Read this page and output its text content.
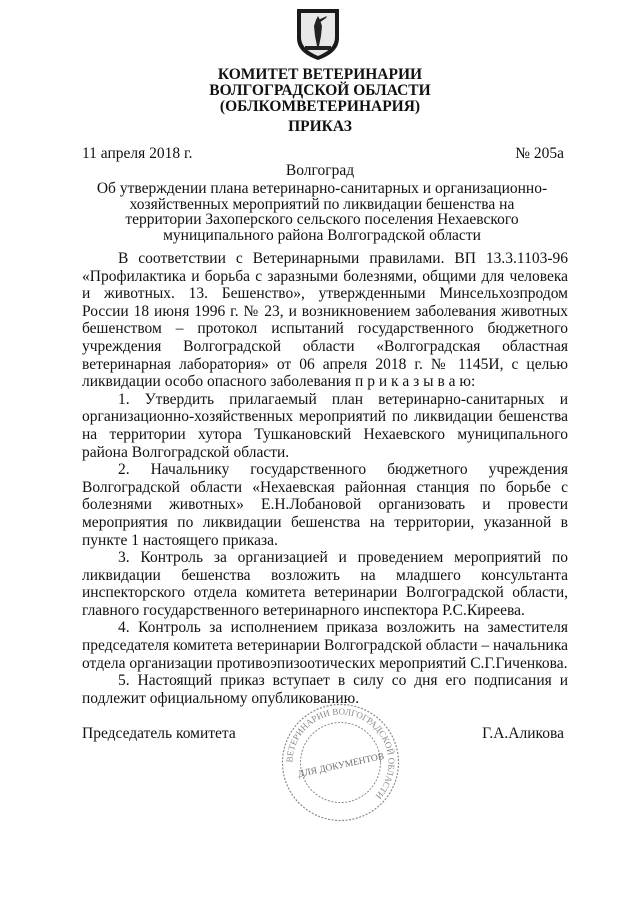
КОМИТЕТ ВЕТЕРИНАРИИ
ВОЛГОГРАДСКОЙ ОБЛАСТИ
(ОБЛКОМВЕТЕРИНАРИЯ)
ПРИКАЗ
11 апреля 2018 г.	№ 205а
Волгоград
Об утверждении плана ветеринарно-санитарных и организационно-хозяйственных мероприятий по ликвидации бешенства на территории Захоперского сельского поселения Нехаевского муниципального района Волгоградской области

В соответствии с Ветеринарными правилами. ВП 13.3.1103-96 «Профилактика и борьба с заразными болезнями, общими для человека и животных. 13. Бешенство», утвержденными Минсельхозпродом России 18 июня 1996 г. № 23, и возникновением заболевания животных бешенством – протокол испытаний государственного бюджетного учреждения Волгоградской области «Волгоградская областная ветеринарная лаборатория» от 06 апреля 2018 г. № 1145И, с целью ликвидации особо опасного заболевания п р и к а з ы в а ю:

1. Утвердить прилагаемый план ветеринарно-санитарных и организационно-хозяйственных мероприятий по ликвидации бешенства на территории хутора Тушкановский Нехаевского муниципального района Волгоградской области.

2. Начальнику государственного бюджетного учреждения Волгоградской области «Нехаевская районная станция по борьбе с болезнями животных» Е.Н.Лобановой организовать и провести мероприятия по ликвидации бешенства на территории, указанной в пункте 1 настоящего приказа.

3. Контроль за организацией и проведением мероприятий по ликвидации бешенства возложить на младшего консультанта инспекторского отдела комитета ветеринарии Волгоградской области, главного государственного ветеринарного инспектора Р.С.Киреева.

4. Контроль за исполнением приказа возложить на заместителя председателя комитета ветеринарии Волгоградской области – начальника отдела организации противоэпизоотических мероприятий С.Г.Гиченкова.

5. Настоящий приказ вступает в силу со дня его подписания и подлежит официальному опубликованию.

Председатель комитета	Г.А.Аликова
ВЕТЕРИНАРИИ ВОЛГОГРАДСКОЙ ОБЛАСТИ
ДЛЯ ДОКУМЕНТОВ
